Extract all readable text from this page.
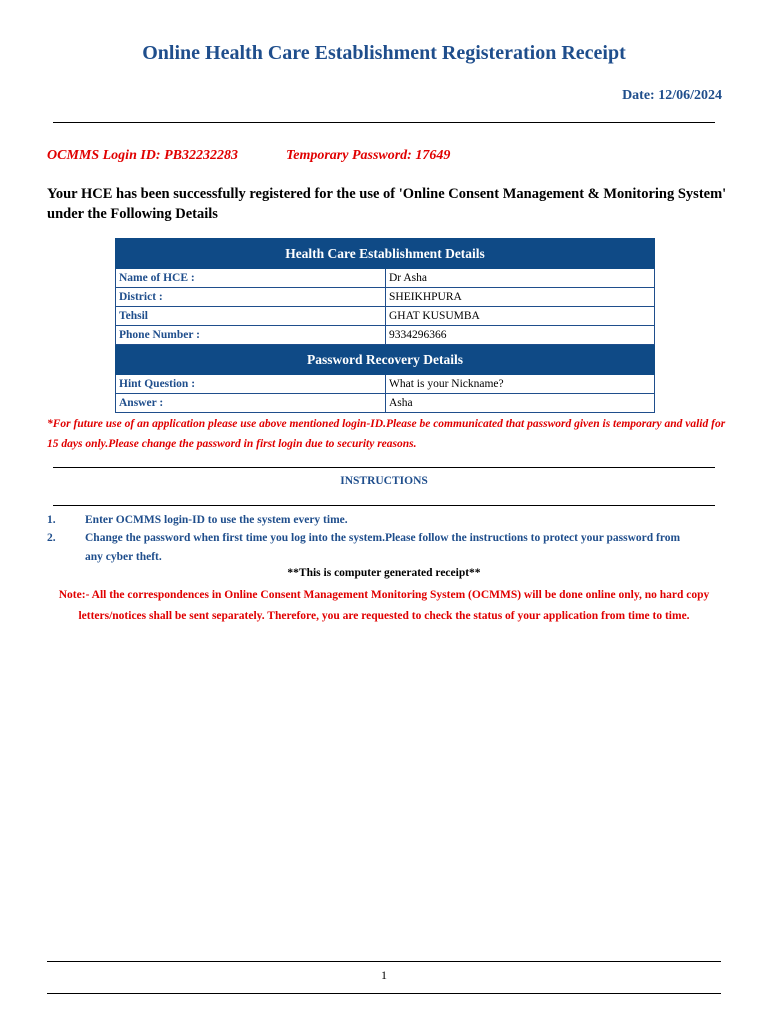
Online Health Care Establishment Registeration Receipt
Date: 12/06/2024
OCMMS Login ID: PB32232283	Temporary Password: 17649
Your HCE has been successfully registered for the use of 'Online Consent Management & Monitoring System' under the Following Details
Health Care Establishment Details	
Name of HCE :	Dr Asha
District :	SHEIKHPURA
Tehsil	GHAT KUSUMBA
Phone Number :	9334296366
Password Recovery Details	
Hint Question :	What is your Nickname?
Answer :	Asha
*For future use of an application please use above mentioned login-ID.Please be communicated that password given is temporary and valid for 15 days only.Please change the password in first login due to security reasons.
INSTRUCTIONS
1.	Enter OCMMS login-ID to use the system every time.
2.	Change the password when first time you log into the system.Please follow the instructions to protect your password from any cyber theft.
**This is computer generated receipt**
Note:- All the correspondences in Online Consent Management Monitoring System (OCMMS) will be done online only, no hard copy letters/notices shall be sent separately. Therefore, you are requested to check the status of your application from time to time.
1
